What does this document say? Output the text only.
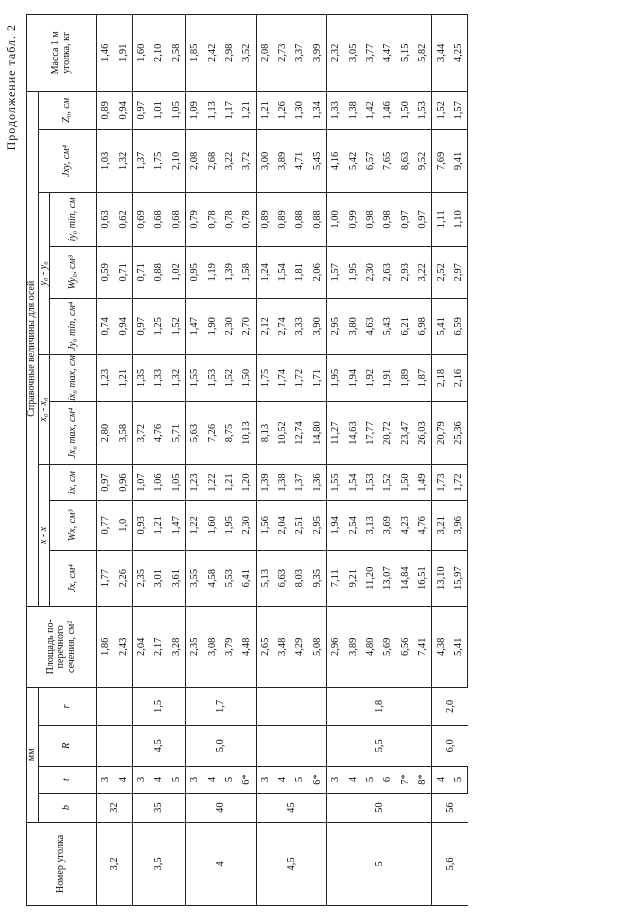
Продолжение табл. 2
Номер уголка	мм				Площадь по-перечного сечения, см²	Справочные величины для осей										Масса 1 м уголка, кг
	b	t	R	r		x - x			x₀ - x₀		y₀ - y₀			Jxy, см⁴	Z₀, см	
						Jx, см⁴	Wx, см³	ix, см	Jx₀ max, см⁴	ix₀ max, см	Jy₀ min, см⁴	Wy₀, см³	iy₀ min, см			
3,2	32	3			1,86	1,77	0,77	0,97	2,80	1,23	0,74	0,59	0,63	1,03	0,89	1,46
		4			2,43	2,26	1,0	0,96	3,58	1,21	0,94	0,71	0,62	1,32	0,94	1,91
3,5	35	3	4,5	1,5	2,04	2,35	0,93	1,07	3,72	1,35	0,97	0,71	0,69	1,37	0,97	1,60
		4			2,17	3,01	1,21	1,06	4,76	1,33	1,25	0,88	0,68	1,75	1,01	2,10
		5			3,28	3,61	1,47	1,05	5,71	1,32	1,52	1,02	0,68	2,10	1,05	2,58
4	40	3	5,0	1,7	2,35	3,55	1,22	1,23	5,63	1,55	1,47	0,95	0,79	2,08	1,09	1,85
		4			3,08	4,58	1,60	1,22	7,26	1,53	1,90	1,19	0,78	2,68	1,13	2,42
		5			3,79	5,53	1,95	1,21	8,75	1,52	2,30	1,39	0,78	3,22	1,17	2,98
		6*			4,48	6,41	2,30	1,20	10,13	1,50	2,70	1,58	0,78	3,72	1,21	3,52
4,5	45	3			2,65	5,13	1,56	1,39	8,13	1,75	2,12	1,24	0,89	3,00	1,21	2,08
		4			3,48	6,63	2,04	1,38	10,52	1,74	2,74	1,54	0,89	3,89	1,26	2,73
		5			4,29	8,03	2,51	1,37	12,74	1,72	3,33	1,81	0,88	4,71	1,30	3,37
		6*			5,08	9,35	2,95	1,36	14,80	1,71	3,90	2,06	0,88	5,45	1,34	3,99
5	50	3	5,5	1,8	2,96	7,11	1,94	1,55	11,27	1,95	2,95	1,57	1,00	4,16	1,33	2,32
		4			3,89	9,21	2,54	1,54	14,63	1,94	3,80	1,95	0,99	5,42	1,38	3,05
		5			4,80	11,20	3,13	1,53	17,77	1,92	4,63	2,30	0,98	6,57	1,42	3,77
		6			5,69	13,07	3,69	1,52	20,72	1,91	5,43	2,63	0,98	7,65	1,46	4,47
		7*			6,56	14,84	4,23	1,50	23,47	1,89	6,21	2,93	0,97	8,63	1,50	5,15
		8*			7,41	16,51	4,76	1,49	26,03	1,87	6,98	3,22	0,97	9,52	1,53	5,82
5,6	56	4	6,0	2,0	4,38	13,10	3,21	1,73	20,79	2,18	5,41	2,52	1,11	7,69	1,52	3,44
		5			5,41	15,97	3,96	1,72	25,36	2,16	6,59	2,97	1,10	9,41	1,57	4,25
